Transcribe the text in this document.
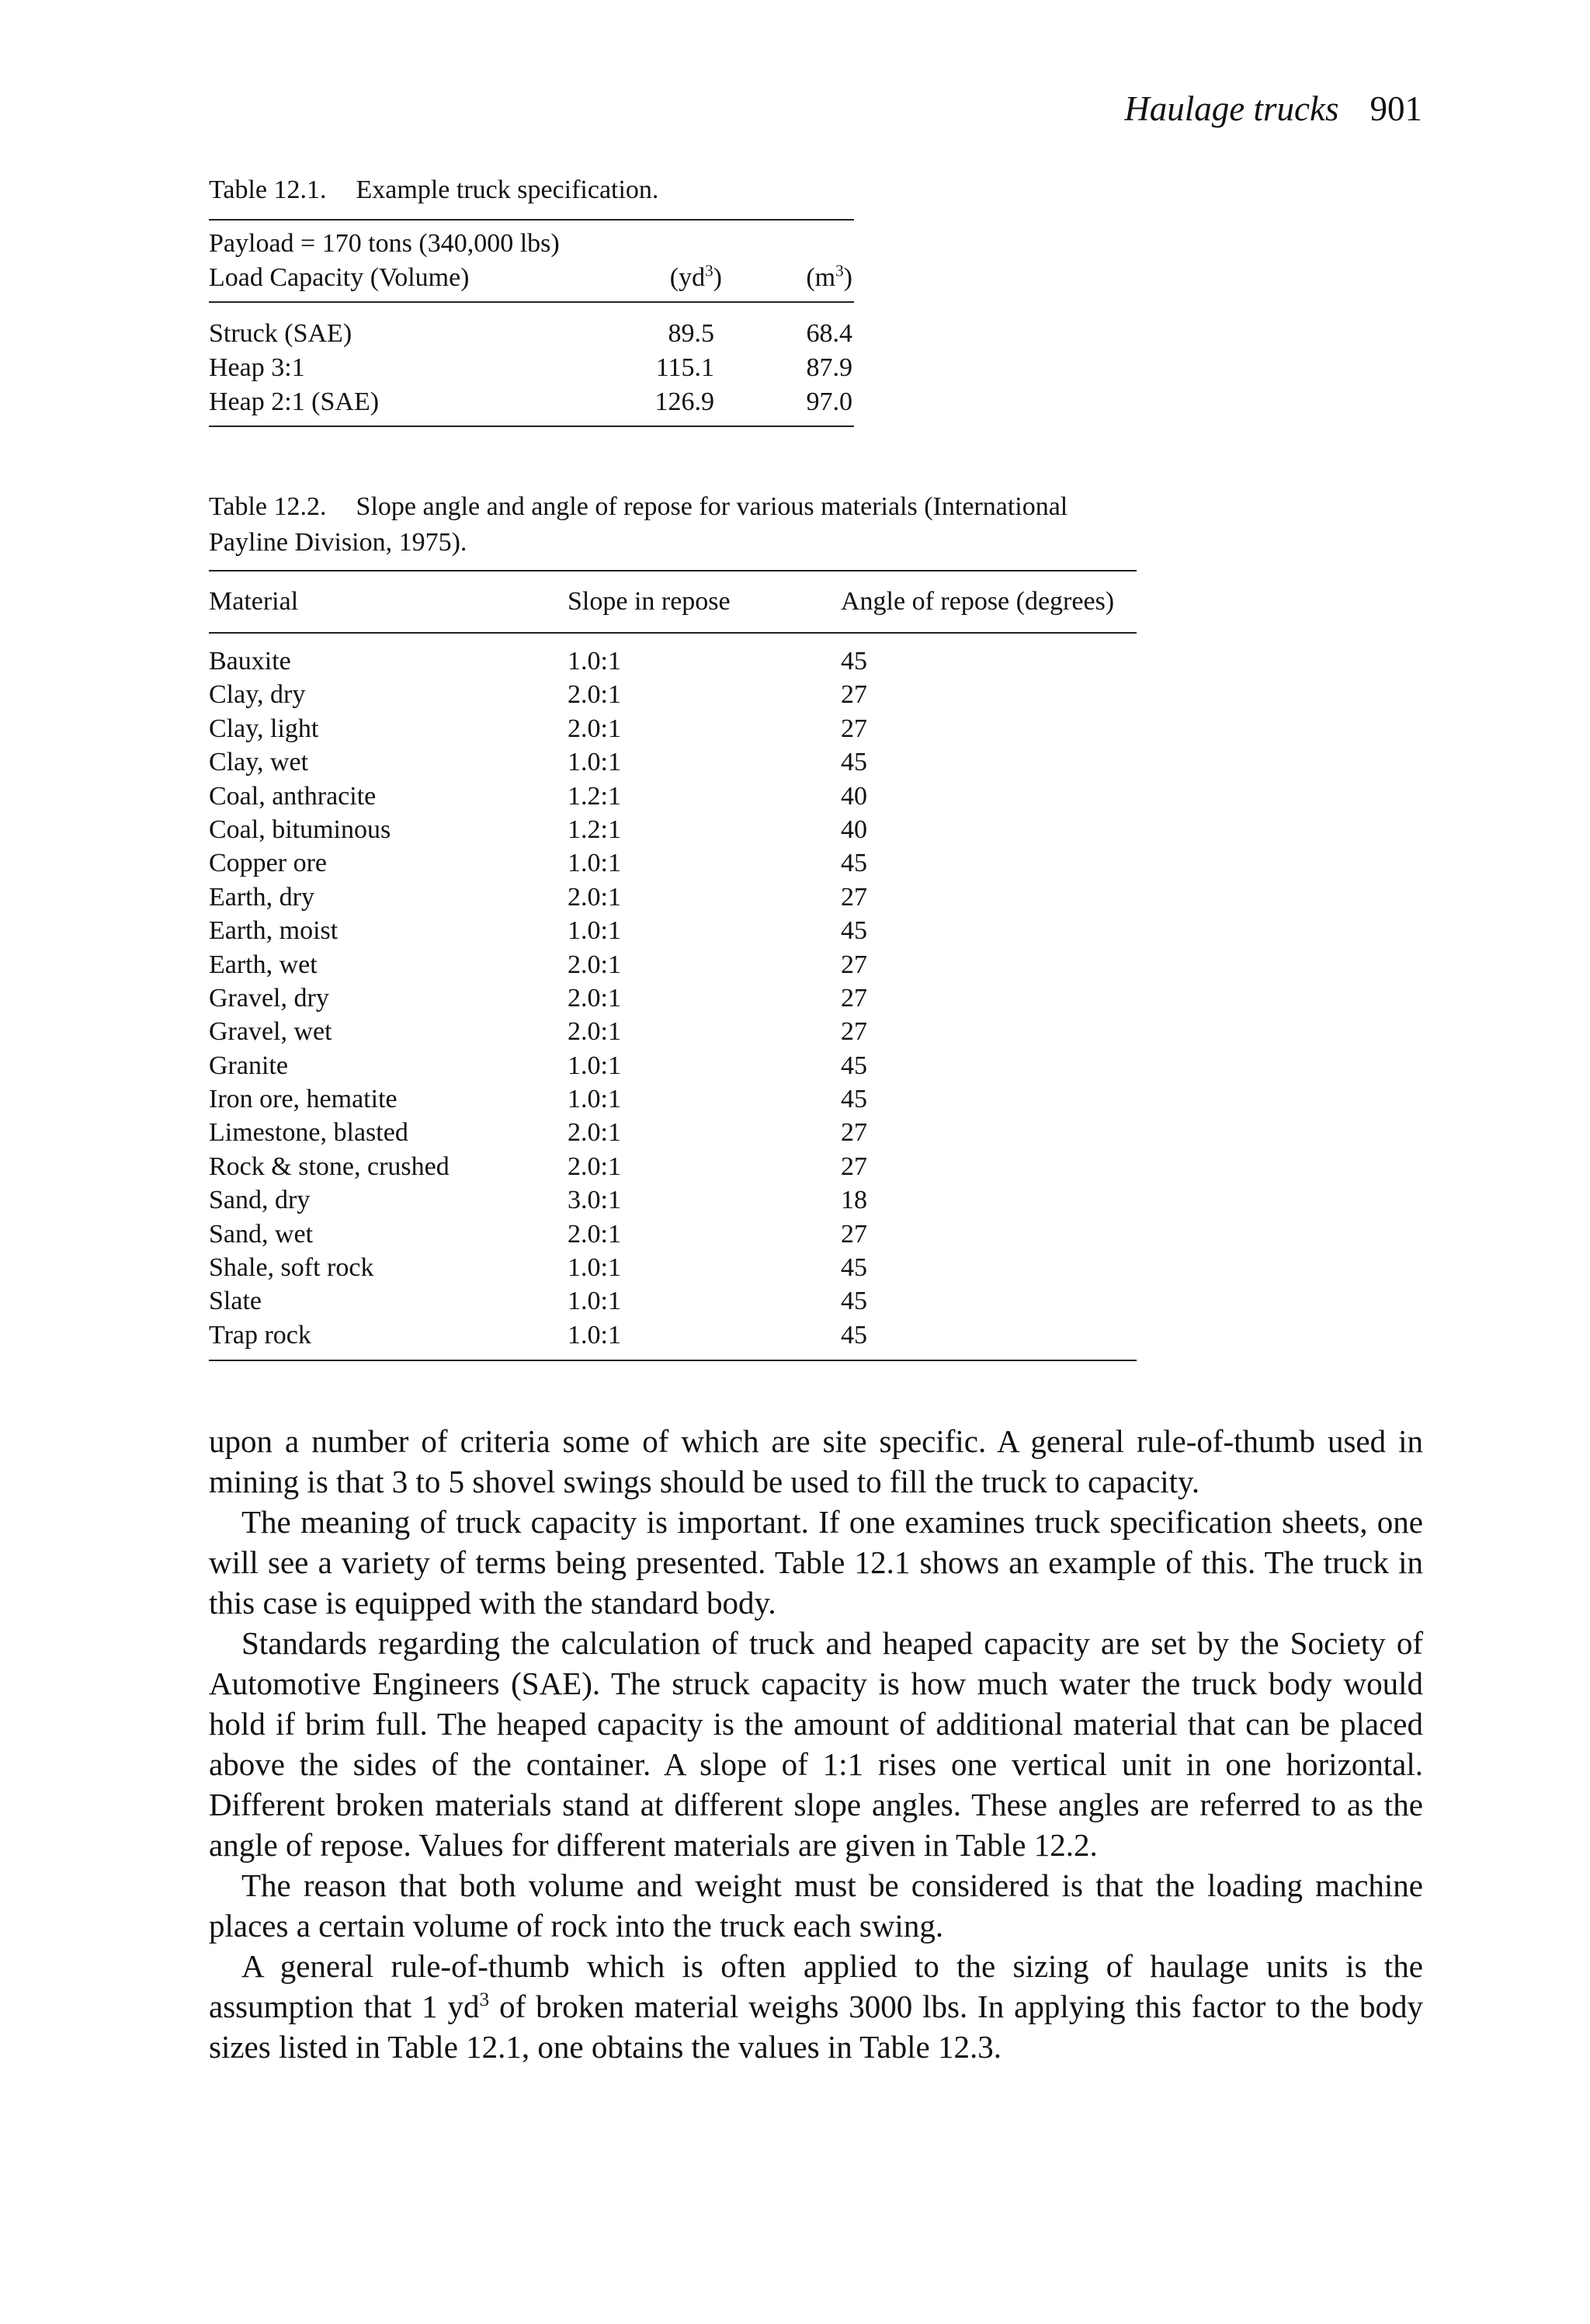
Haulage trucks 901
Table 12.1. Example truck specification.
Payload = 170 tons (340,000 lbs)
Load Capacity (Volume)	$(yd^3)$	$(m^3)$
Struck (SAE)	89.5	68.4
Heap 3:1	115.1	87.9
Heap 2:1 (SAE)	126.9	97.0
Table 12.2. Slope angle and angle of repose for various materials (International
Payline Division, 1975).
Material	Slope in repose	Angle of repose (degrees)
Bauxite	1.0:1	45
Clay, dry	2.0:1	27
Clay, light	2.0:1	27
Clay, wet	1.0:1	45
Coal, anthracite	1.2:1	40
Coal, bituminous	1.2:1	40
Copper ore	1.0:1	45
Earth, dry	2.0:1	27
Earth, moist	1.0:1	45
Earth, wet	2.0:1	27
Gravel, dry	2.0:1	27
Gravel, wet	2.0:1	27
Granite	1.0:1	45
Iron ore, hematite	1.0:1	45
Limestone, blasted	2.0:1	27
Rock & stone, crushed	2.0:1	27
Sand, dry	3.0:1	18
Sand, wet	2.0:1	27
Shale, soft rock	1.0:1	45
Slate	1.0:1	45
Trap rock	1.0:1	45

upon a number of criteria some of which are site specific. A general rule-of-thumb used in mining is that 3 to 5 shovel swings should be used to fill the truck to capacity.

The meaning of truck capacity is important. If one examines truck specification sheets, one will see a variety of terms being presented. Table 12.1 shows an example of this. The truck in this case is equipped with the standard body.

Standards regarding the calculation of truck and heaped capacity are set by the Society of Automotive Engineers (SAE). The struck capacity is how much water the truck body would hold if brim full. The heaped capacity is the amount of additional material that can be placed above the sides of the container. A slope of 1:1 rises one vertical unit in one horizontal. Different broken materials stand at different slope angles. These angles are referred to as the angle of repose. Values for different materials are given in Table 12.2.

The reason that both volume and weight must be considered is that the loading machine places a certain volume of rock into the truck each swing.

A general rule-of-thumb which is often applied to the sizing of haulage units is the assumption that 1 $yd^3$ of broken material weighs 3000 lbs. In applying this factor to the body sizes listed in Table 12.1, one obtains the values in Table 12.3.
